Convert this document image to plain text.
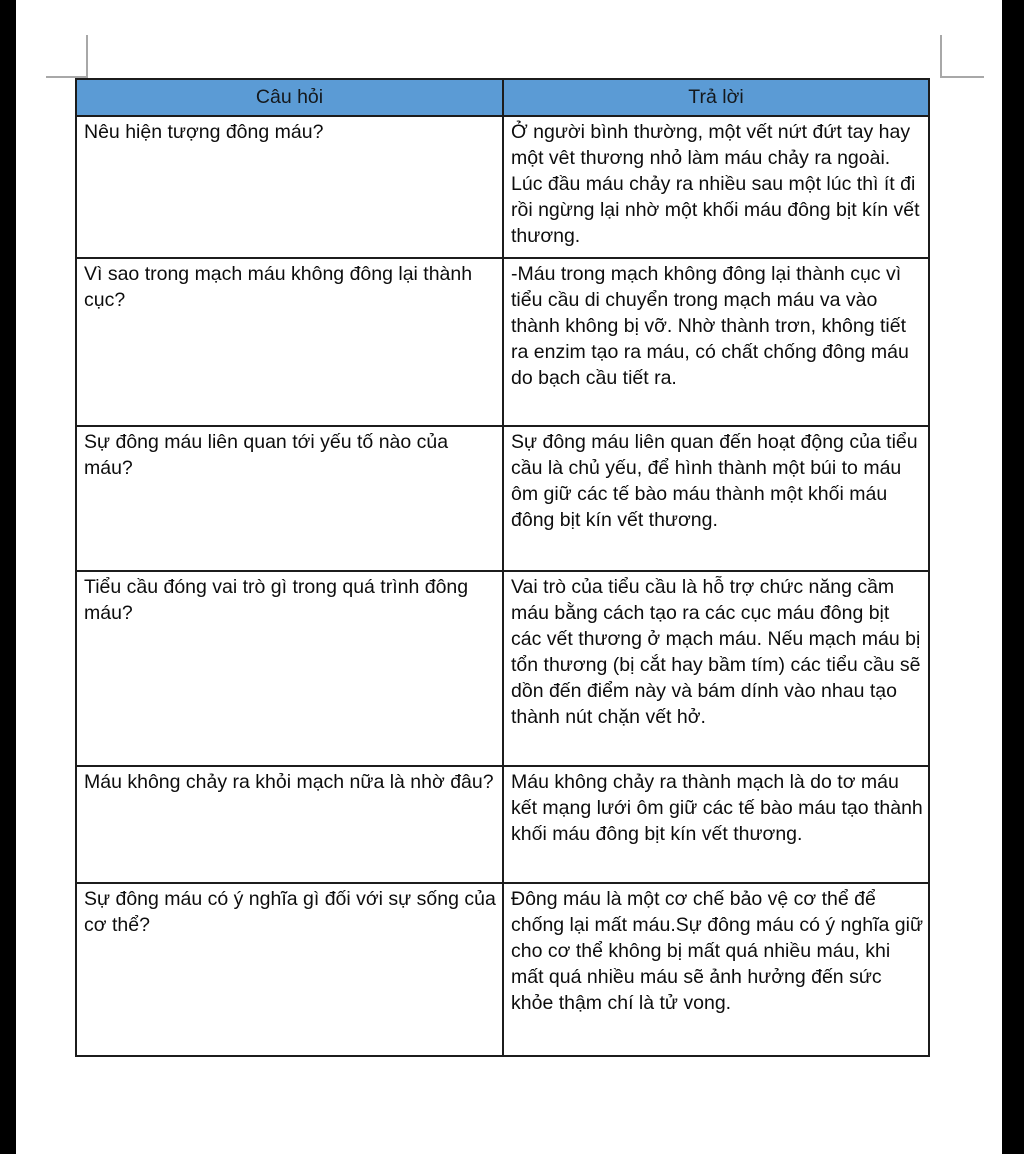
Câu hỏi	Trả lời
Nêu hiện tượng đông máu?	Ở người bình thường, một vết nứt đứt tay hay một vêt thương nhỏ làm máu chảy ra ngoài. Lúc đầu máu chảy ra nhiều sau một lúc thì ít đi rồi ngừng lại nhờ một khối máu đông bịt kín vết thương.
Vì sao trong mạch máu không đông lại thành cục?	-Máu trong mạch không đông lại thành cục vì tiểu cầu di chuyển trong mạch máu va vào thành không bị vỡ. Nhờ thành trơn, không tiết ra enzim tạo ra máu, có chất chống đông máu do bạch cầu tiết ra.
Sự đông máu liên quan tới yếu tố nào của máu?	Sự đông máu liên quan đến hoạt động của tiểu cầu là chủ yếu, để hình thành một búi to máu ôm giữ các tế bào máu thành một khối máu đông bịt kín vết thương.
Tiểu cầu đóng vai trò gì trong quá trình đông máu?	Vai trò của tiểu cầu là hỗ trợ chức năng cầm máu bằng cách tạo ra các cục máu đông bịt các vết thương ở mạch máu. Nếu mạch máu bị tổn thương (bị cắt hay bầm tím) các tiểu cầu sẽ dồn đến điểm này và bám dính vào nhau tạo thành nút chặn vết hở.
Máu không chảy ra khỏi mạch nữa là nhờ đâu?	Máu không chảy ra thành mạch là do tơ máu kết mạng lưới ôm giữ các tế bào máu tạo thành khối máu đông bịt kín vết thương.
Sự đông máu có ý nghĩa gì đối với sự sống của cơ thể?	Đông máu là một cơ chế bảo vệ cơ thể để chống lại mất máu.Sự đông máu có ý nghĩa giữ cho cơ thể không bị mất quá nhiều máu, khi mất quá nhiều máu sẽ ảnh hưởng đến sức khỏe thậm chí là tử vong.
